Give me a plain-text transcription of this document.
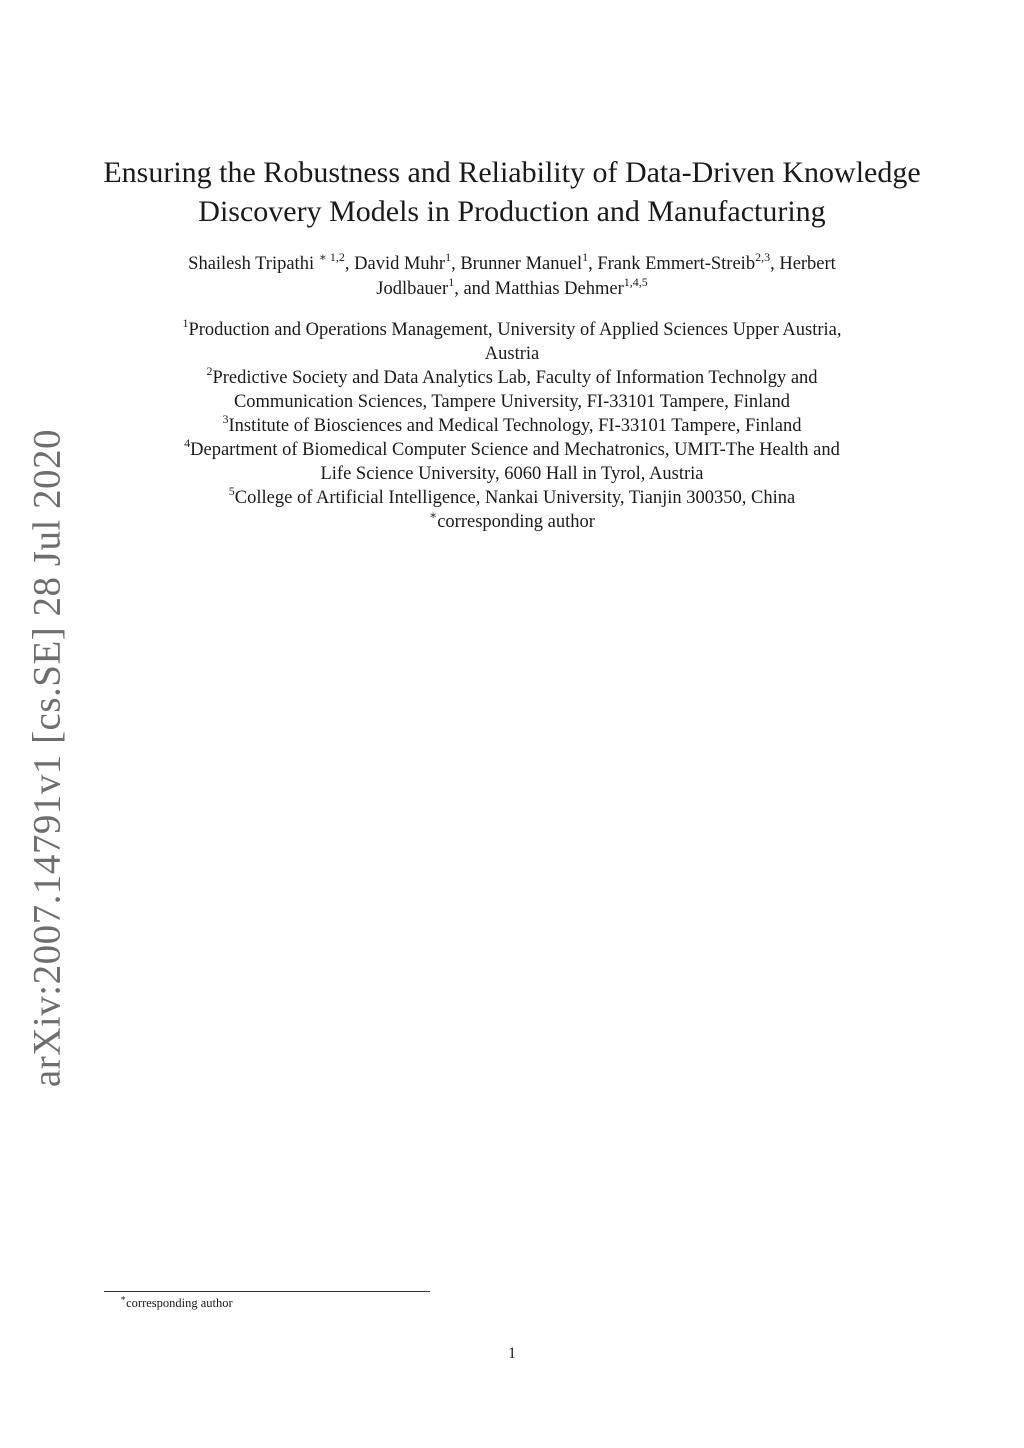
arXiv:2007.14791v1 [cs.SE] 28 Jul 2020
Ensuring the Robustness and Reliability of Data-Driven Knowledge
Discovery Models in Production and Manufacturing
Shailesh Tripathi $^{∗ 1,2}$, David Muhr$^1$, Brunner Manuel$^1$, Frank Emmert-Streib$^{2,3}$, Herbert
Jodlbauer$^1$, and Matthias Dehmer$^{1,4,5}$
$^1$Production and Operations Management, University of Applied Sciences Upper Austria,
Austria
$^2$Predictive Society and Data Analytics Lab, Faculty of Information Technolgy and
Communication Sciences, Tampere University, FI-33101 Tampere, Finland
$^3$Institute of Biosciences and Medical Technology, FI-33101 Tampere, Finland
$^4$Department of Biomedical Computer Science and Mechatronics, UMIT-The Health and
Life Science University, 6060 Hall in Tyrol, Austria
$^5$College of Artificial Intelligence, Nankai University, Tianjin 300350, China
∗corresponding author
∗corresponding author
1
